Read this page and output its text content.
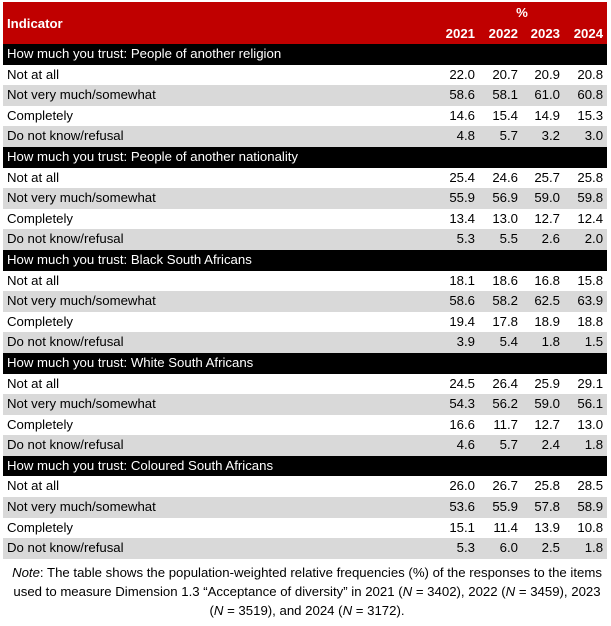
Indicator	%			
	2021	2022	2023	2024
How much you trust: People of another religion				
Not at all	22.0	20.7	20.9	20.8
Not very much/somewhat	58.6	58.1	61.0	60.8
Completely	14.6	15.4	14.9	15.3
Do not know/refusal	4.8	5.7	3.2	3.0
How much you trust: People of another nationality				
Not at all	25.4	24.6	25.7	25.8
Not very much/somewhat	55.9	56.9	59.0	59.8
Completely	13.4	13.0	12.7	12.4
Do not know/refusal	5.3	5.5	2.6	2.0
How much you trust: Black South Africans				
Not at all	18.1	18.6	16.8	15.8
Not very much/somewhat	58.6	58.2	62.5	63.9
Completely	19.4	17.8	18.9	18.8
Do not know/refusal	3.9	5.4	1.8	1.5
How much you trust: White South Africans				
Not at all	24.5	26.4	25.9	29.1
Not very much/somewhat	54.3	56.2	59.0	56.1
Completely	16.6	11.7	12.7	13.0
Do not know/refusal	4.6	5.7	2.4	1.8
How much you trust: Coloured South Africans				
Not at all	26.0	26.7	25.8	28.5
Not very much/somewhat	53.6	55.9	57.8	58.9
Completely	15.1	11.4	13.9	10.8
Do not know/refusal	5.3	6.0	2.5	1.8
Note: The table shows the population-weighted relative frequencies (%) of the responses to the items used to measure Dimension 1.3 “Acceptance of diversity” in 2021 (N = 3402), 2022 (N = 3459), 2023 (N = 3519), and 2024 (N = 3172).
